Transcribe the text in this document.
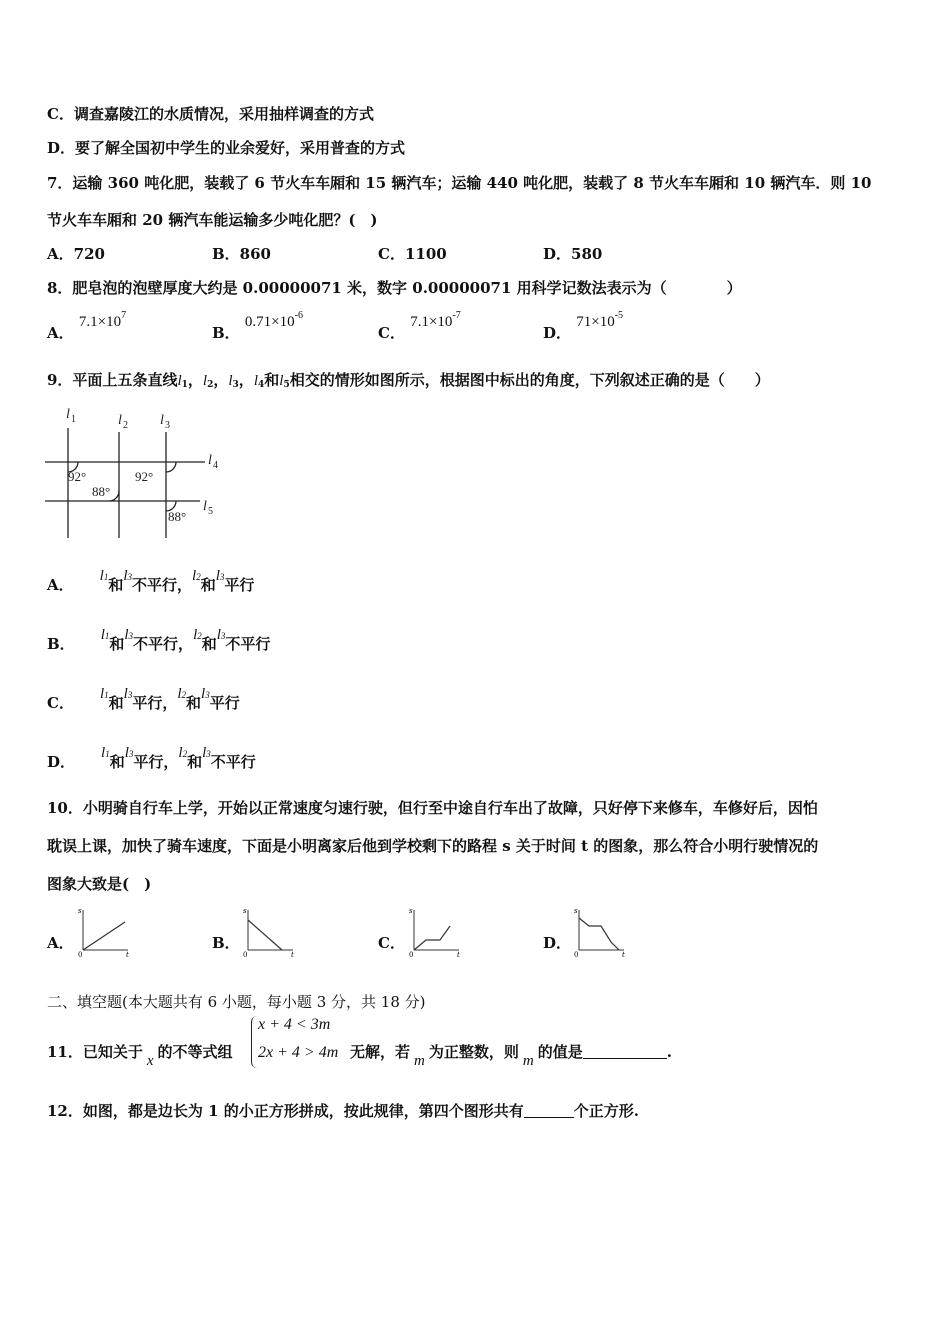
C．调查嘉陵江的水质情况，采用抽样调查的方式
D．要了解全国初中学生的业余爱好，采用普查的方式
7．运输 360 吨化肥，装载了 6 节火车车厢和 15 辆汽车；运输 440 吨化肥，装载了 8 节火车车厢和 10 辆汽车．则 10
节火车车厢和 20 辆汽车能运输多少吨化肥？(　)
A．720	B．860	C．1100	D．580
8．肥皂泡的泡壁厚度大约是 0.00000071 米，数字 0.00000071 用科学记数法表示为（　　　　）
A． $7.1\times 10^7$
B． $0.71\times 10^{-6}$
C． $7.1\times 10^{-7}$
D． $71\times 10^{-5}$
9．平面上五条直线$l_1$，$l_2$，$l_3$，$l_4$和$l_5$相交的情形如图所示，根据图中标出的角度，下列叙述正确的是（　　）
l 1	l 2 l 3
l 4
l 5
92°
88°
92°
88°
A． l1和l3不平行，l2和l3平行
B． l1和l3不平行，l2和l3不平行
C． l1和l3平行，l2和l3平行
D． l1和l3平行，l2和l3不平行
10．小明骑自行车上学，开始以正常速度匀速行驶，但行至中途自行车出了故障，只好停下来修车，车修好后，因怕
耽误上课，加快了骑车速度，下面是小明离家后他到学校剩下的路程 s 关于时间 t 的图象，那么符合小明行驶情况的
图象大致是(　)
A．	B．	C．	D．
s
t
0
s
t
0
s
t
0
s
t
0
二、填空题(本大题共有 6 小题，每小题 3 分，共 18 分)
11．已知关于 x 的不等式组
x + 4 < 3m
2x + 4 > 4m 无解，若 m 为正整数，则 m 的值是	.
12．如图，都是边长为 1 的小正方形拼成，按此规律，第四个图形共有	个正方形.
